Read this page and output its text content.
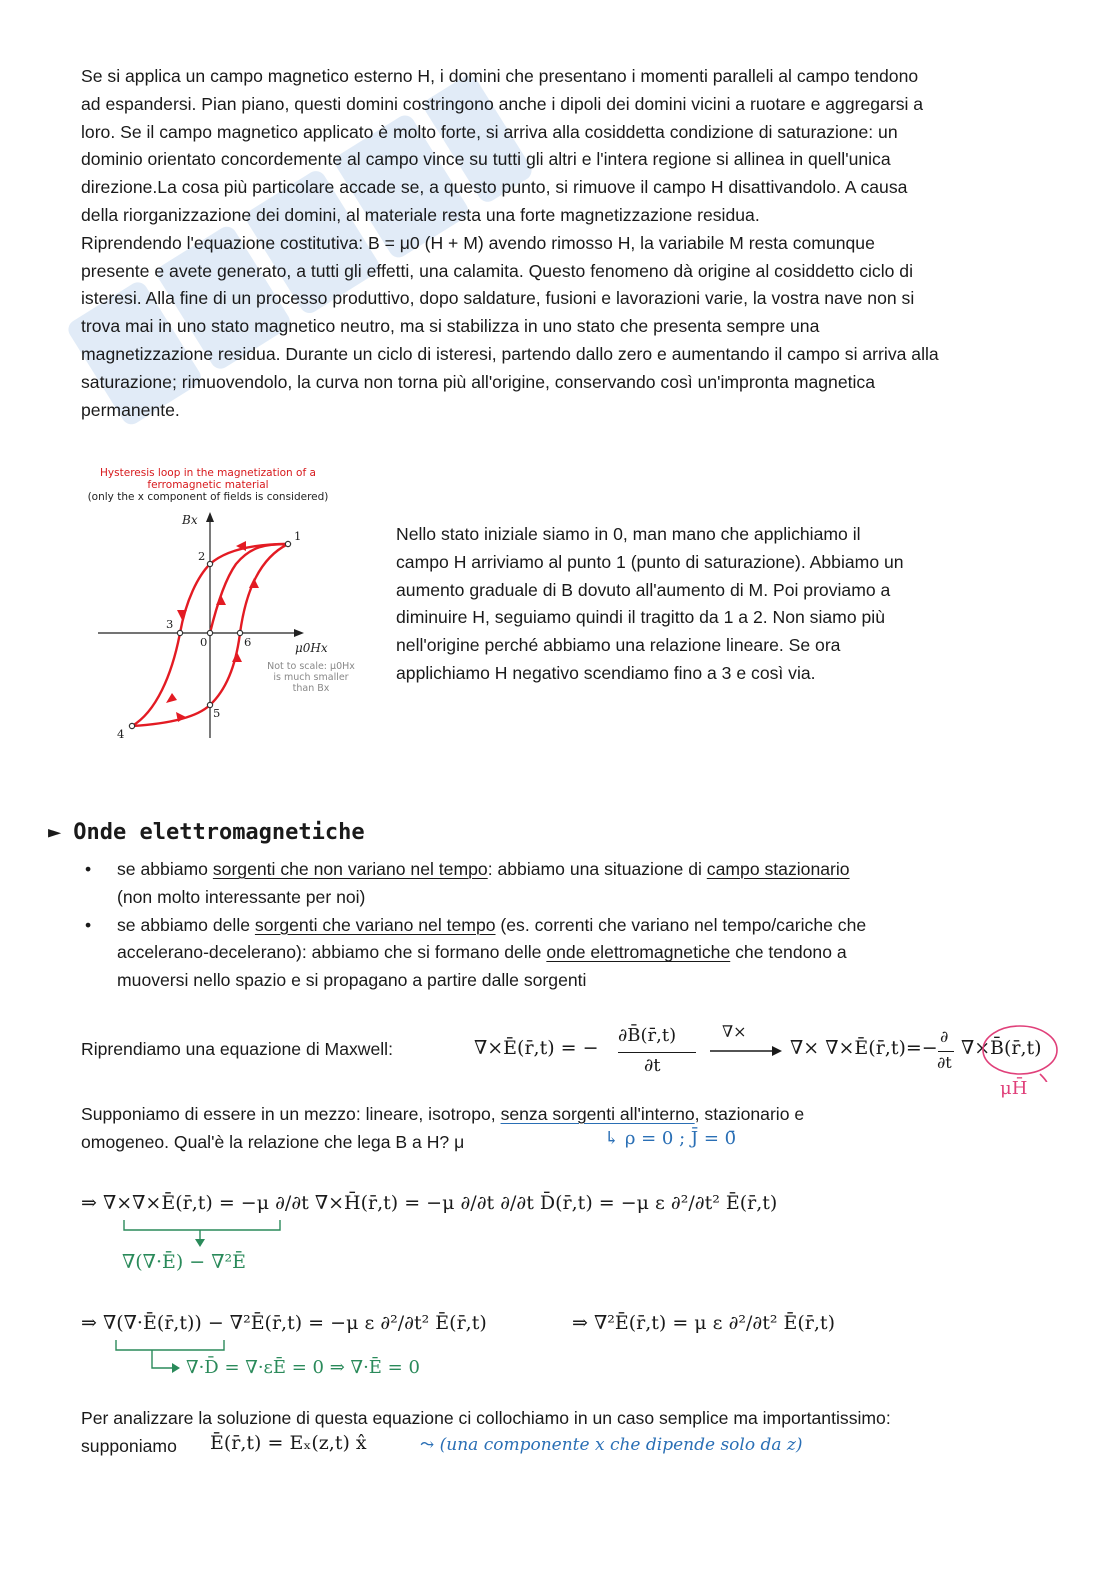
Se si applica un campo magnetico esterno H, i domini che presentano i momenti paralleli al campo tendono
ad espandersi. Pian piano, questi domini costringono anche i dipoli dei domini vicini a ruotare e aggregarsi a
loro. Se il campo magnetico applicato è molto forte, si arriva alla cosiddetta condizione di saturazione: un
dominio orientato concordemente al campo vince su tutti gli altri e l'intera regione si allinea in quell'unica
direzione.La cosa più particolare accade se, a questo punto, si rimuove il campo H disattivandolo. A causa
della riorganizzazione dei domini, al materiale resta una forte magnetizzazione residua.
Riprendendo l'equazione costitutiva: B = μ0 (H + M) avendo rimosso H, la variabile M resta comunque
presente e avete generato, a tutti gli effetti, una calamita. Questo fenomeno dà origine al cosiddetto ciclo di
isteresi. Alla fine di un processo produttivo, dopo saldature, fusioni e lavorazioni varie, la vostra nave non si
trova mai in uno stato magnetico neutro, ma si stabilizza in uno stato che presenta sempre una
magnetizzazione residua. Durante un ciclo di isteresi, partendo dallo zero e aumentando il campo si arriva alla
saturazione; rimuovendolo, la curva non torna più all'origine, conservando così un'impronta magnetica
permanente.
Hysteresis loop in the magnetization of a
ferromagnetic material
(only the x component of fields is considered)
Bx
μ0Hx
Not to scale: μ0Hx
is much smaller
than Bx
0
1
2
3
4
5
6
Nello stato iniziale siamo in 0, man mano che applichiamo il
campo H arriviamo al punto 1 (punto di saturazione). Abbiamo un
aumento graduale di B dovuto all'aumento di M. Poi proviamo a
diminuire H, seguiamo quindi il tragitto da 1 a 2. Non siamo più
nell'origine perché abbiamo una relazione lineare. Se ora
applichiamo H negativo scendiamo fino a 3 e così via.
► Onde elettromagnetiche
• se abbiamo sorgenti che non variano nel tempo: abbiamo una situazione di campo stazionario
(non molto interessante per noi)
• se abbiamo delle sorgenti che variano nel tempo (es. correnti che variano nel tempo/cariche che
accelerano-decelerano): abbiamo che si formano delle onde elettromagnetiche che tendono a
muoversi nello spazio e si propagano a partire dalle sorgenti
Riprendiamo una equazione di Maxwell:	∇×Ē(r̄,t) = −
∂B̄(r̄,t)
∂t
∇×
∇× ∇×Ē(r̄,t)=−
∂
∂t
∇× B̄(r̄,t)
μH̄
Supponiamo di essere in un mezzo: lineare, isotropo, senza sorgenti all'interno, stazionario e
omogeneo. Qual'è la relazione che lega B a H? μ	↳ ρ = 0 ; J̄ = 0̄
⇒ ∇×∇×Ē(r̄,t) = −μ ∂/∂t ∇×H̄(r̄,t) = −μ ∂/∂t ∂/∂t D̄(r̄,t) = −μ ε ∂²/∂t² Ē(r̄,t)
∇(∇·Ē) − ∇²Ē
⇒ ∇(∇·Ē(r̄,t)) − ∇²Ē(r̄,t) = −μ ε ∂²/∂t² Ē(r̄,t)	⇒ ∇²Ē(r̄,t) = μ ε ∂²/∂t² Ē(r̄,t)
∇·D̄ = ∇·εĒ = 0 ⇒ ∇·Ē = 0
Per analizzare la soluzione di questa equazione ci collochiamo in un caso semplice ma importantissimo:
supponiamo	Ē(r̄,t) = Eₓ(z,t) x̂	⤳ (una componente x che dipende solo da z)
